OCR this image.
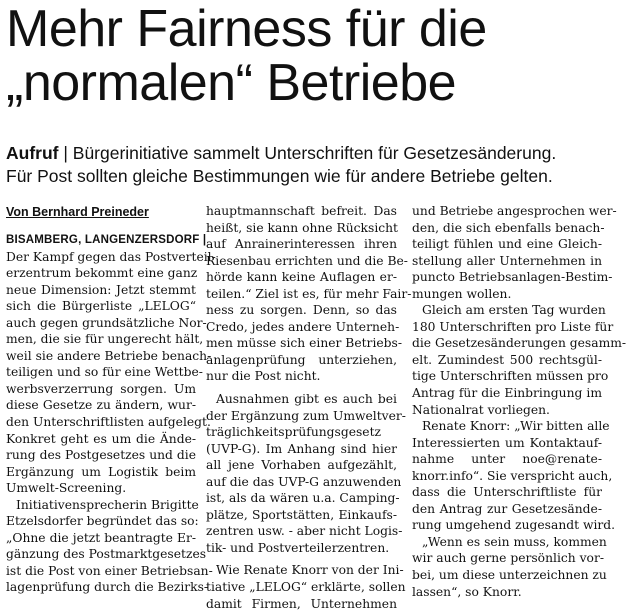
Mehr Fairness für die
„normalen“ Betriebe
Aufruf | Bürgerinitiative sammelt Unterschriften für Gesetzesänderung.
Für Post sollten gleiche Bestimmungen wie für andere Betriebe gelten.
Von Bernhard Preineder
BISAMBERG, LANGENZERSDORF |
Der Kampf gegen das Postverteil-
erzentrum bekommt eine ganz
neue Dimension: Jetzt stemmt
sich die Bürgerliste „LELOG“
auch gegen grundsätzliche Nor-
men, die sie für ungerecht hält,
weil sie andere Betriebe benach-
teiligen und so für eine Wettbe-
werbsverzerrung sorgen. Um
diese Gesetze zu ändern, wur-
den Unterschriftlisten aufgelegt.
Konkret geht es um die Ände-
rung des Postgesetzes und die
Ergänzung um Logistik beim
Umwelt-Screening.
Initiativensprecherin Brigitte
Etzelsdorfer begründet das so:
„Ohne die jetzt beantragte Er-
gänzung des Postmarktgesetzes
ist die Post von einer Betriebsan-
lagenprüfung durch die Bezirks-
hauptmannschaft befreit. Das
heißt, sie kann ohne Rücksicht
auf Anrainerinteressen ihren
Riesenbau errichten und die Be-
hörde kann keine Auflagen er-
teilen.“ Ziel ist es, für mehr Fair-
ness zu sorgen. Denn, so das
Credo, jedes andere Unterneh-
men müsse sich einer Betriebs-
anlagenprüfung unterziehen,
nur die Post nicht.
Ausnahmen gibt es auch bei
der Ergänzung zum Umweltver-
träglichkeitsprüfungsgesetz
(UVP-G). Im Anhang sind hier
all jene Vorhaben aufgezählt,
auf die das UVP-G anzuwenden
ist, als da wären u.a. Camping-
plätze, Sportstätten, Einkaufs-
zentren usw. - aber nicht Logis-
tik- und Postverteilerzentren.
Wie Renate Knorr von der Ini-
tiative „LELOG“ erklärte, sollen
damit Firmen, Unternehmen
und Betriebe angesprochen wer-
den, die sich ebenfalls benach-
teiligt fühlen und eine Gleich-
stellung aller Unternehmen in
puncto Betriebsanlagen-Bestim-
mungen wollen.
Gleich am ersten Tag wurden
180 Unterschriften pro Liste für
die Gesetzesänderungen gesamm-
elt. Zumindest 500 rechtsgül-
tige Unterschriften müssen pro
Antrag für die Einbringung im
Nationalrat vorliegen.
Renate Knorr: „Wir bitten alle
Interessierten um Kontaktauf-
nahme unter noe@renate-
knorr.info“. Sie verspricht auch,
dass die Unterschriftliste für
den Antrag zur Gesetzesände-
rung umgehend zugesandt wird.
„Wenn es sein muss, kommen
wir auch gerne persönlich vor-
bei, um diese unterzeichnen zu
lassen“, so Knorr.
